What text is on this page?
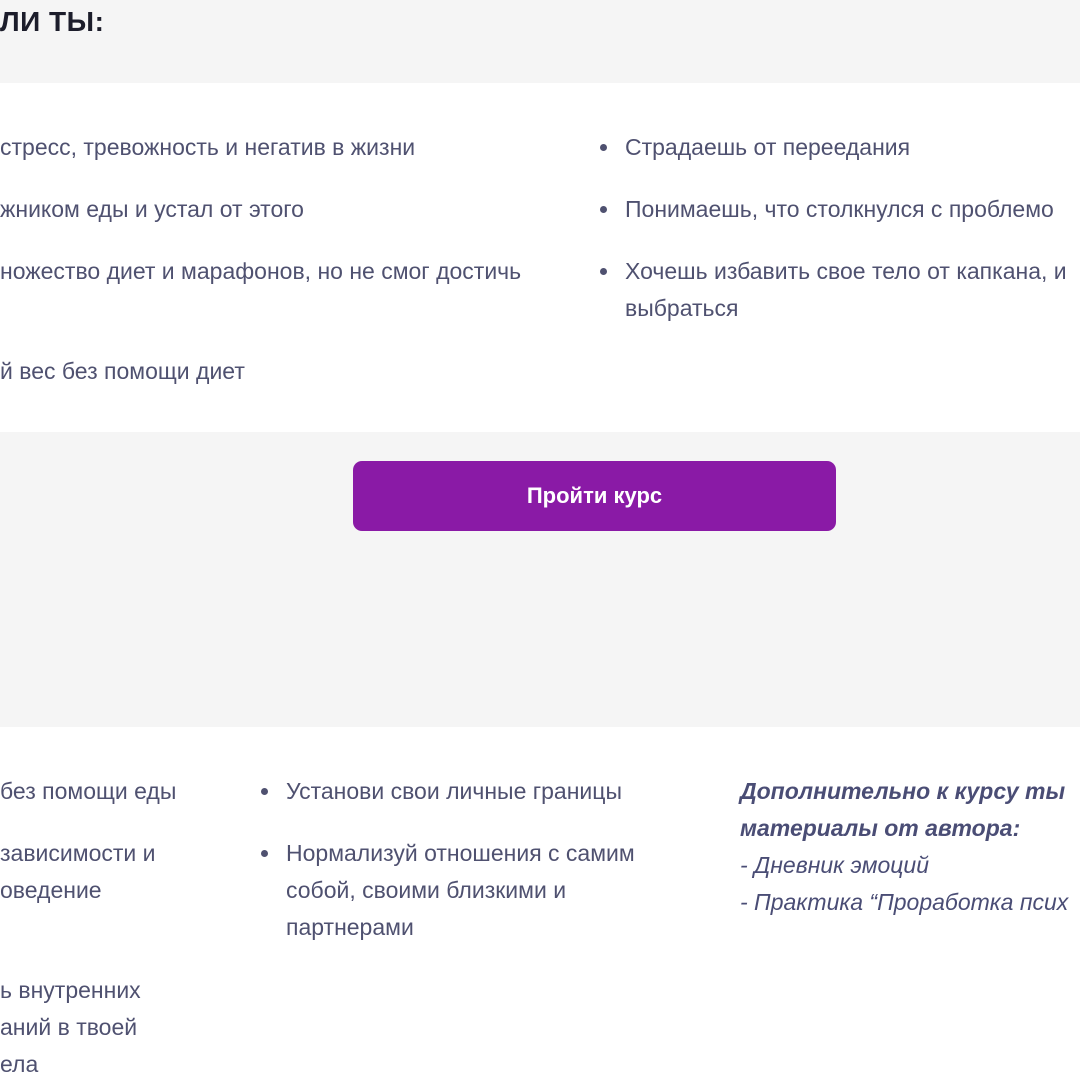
ЛИ ТЫ:
стресс, тревожность и негатив в жизни
жником еды и устал от этого
ножество диет и марафонов, но не смог достичь
й вес без помощи диет
Страдаешь от переедания
Понимаешь, что столкнулся с проблемо
Хочешь избавить свое тело от капкана, и
выбраться
Пройти курс
без помощи еды
зависимости и
оведение
ь внутренних
аний в твоей
ела
Установи свои личные границы
Нормализуй отношения с самим
собой, своими близкими и
партнерами
Дополнительно к курсу ты
материалы от автора:
- Дневник эмоций
- Практика “Проработка псих
